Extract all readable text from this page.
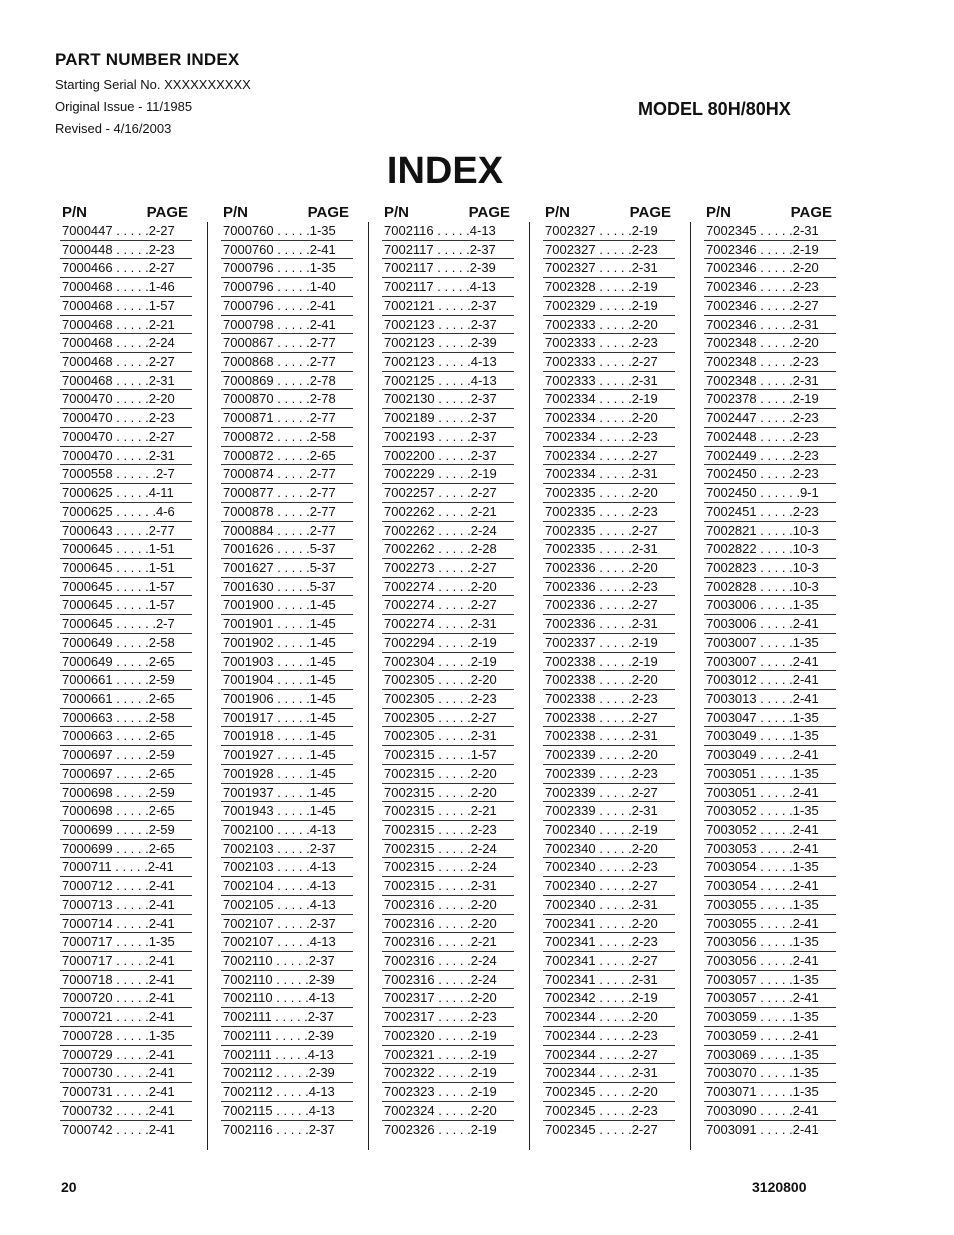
PART NUMBER INDEX
Starting Serial No. XXXXXXXXXX
Original Issue - 11/1985
Revised - 4/16/2003
MODEL 80H/80HX
INDEX
P/N	PAGE
7000447 . . . . .2-27
7000448 . . . . .2-23
7000466 . . . . .2-27
7000468 . . . . .1-46
7000468 . . . . .1-57
7000468 . . . . .2-21
7000468 . . . . .2-24
7000468 . . . . .2-27
7000468 . . . . .2-31
7000470 . . . . .2-20
7000470 . . . . .2-23
7000470 . . . . .2-27
7000470 . . . . .2-31
7000558 . . . . . .2-7
7000625 . . . . .4-11
7000625 . . . . . .4-6
7000643 . . . . .2-77
7000645 . . . . .1-51
7000645 . . . . .1-51
7000645 . . . . .1-57
7000645 . . . . .1-57
7000645 . . . . . .2-7
7000649 . . . . .2-58
7000649 . . . . .2-65
7000661 . . . . .2-59
7000661 . . . . .2-65
7000663 . . . . .2-58
7000663 . . . . .2-65
7000697 . . . . .2-59
7000697 . . . . .2-65
7000698 . . . . .2-59
7000698 . . . . .2-65
7000699 . . . . .2-59
7000699 . . . . .2-65
7000711 . . . . .2-41
7000712 . . . . .2-41
7000713 . . . . .2-41
7000714 . . . . .2-41
7000717 . . . . .1-35
7000717 . . . . .2-41
7000718 . . . . .2-41
7000720 . . . . .2-41
7000721 . . . . .2-41
7000728 . . . . .1-35
7000729 . . . . .2-41
7000730 . . . . .2-41
7000731 . . . . .2-41
7000732 . . . . .2-41
7000742 . . . . .2-41
P/N	PAGE
7000760 . . . . .1-35
7000760 . . . . .2-41
7000796 . . . . .1-35
7000796 . . . . .1-40
7000796 . . . . .2-41
7000798 . . . . .2-41
7000867 . . . . .2-77
7000868 . . . . .2-77
7000869 . . . . .2-78
7000870 . . . . .2-78
7000871 . . . . .2-77
7000872 . . . . .2-58
7000872 . . . . .2-65
7000874 . . . . .2-77
7000877 . . . . .2-77
7000878 . . . . .2-77
7000884 . . . . .2-77
7001626 . . . . .5-37
7001627 . . . . .5-37
7001630 . . . . .5-37
7001900 . . . . .1-45
7001901 . . . . .1-45
7001902 . . . . .1-45
7001903 . . . . .1-45
7001904 . . . . .1-45
7001906 . . . . .1-45
7001917 . . . . .1-45
7001918 . . . . .1-45
7001927 . . . . .1-45
7001928 . . . . .1-45
7001937 . . . . .1-45
7001943 . . . . .1-45
7002100 . . . . .4-13
7002103 . . . . .2-37
7002103 . . . . .4-13
7002104 . . . . .4-13
7002105 . . . . .4-13
7002107 . . . . .2-37
7002107 . . . . .4-13
7002110 . . . . .2-37
7002110 . . . . .2-39
7002110 . . . . .4-13
7002111 . . . . .2-37
7002111 . . . . .2-39
7002111 . . . . .4-13
7002112 . . . . .2-39
7002112 . . . . .4-13
7002115 . . . . .4-13
7002116 . . . . .2-37
P/N	PAGE
7002116 . . . . .4-13
7002117 . . . . .2-37
7002117 . . . . .2-39
7002117 . . . . .4-13
7002121 . . . . .2-37
7002123 . . . . .2-37
7002123 . . . . .2-39
7002123 . . . . .4-13
7002125 . . . . .4-13
7002130 . . . . .2-37
7002189 . . . . .2-37
7002193 . . . . .2-37
7002200 . . . . .2-37
7002229 . . . . .2-19
7002257 . . . . .2-27
7002262 . . . . .2-21
7002262 . . . . .2-24
7002262 . . . . .2-28
7002273 . . . . .2-27
7002274 . . . . .2-20
7002274 . . . . .2-27
7002274 . . . . .2-31
7002294 . . . . .2-19
7002304 . . . . .2-19
7002305 . . . . .2-20
7002305 . . . . .2-23
7002305 . . . . .2-27
7002305 . . . . .2-31
7002315 . . . . .1-57
7002315 . . . . .2-20
7002315 . . . . .2-20
7002315 . . . . .2-21
7002315 . . . . .2-23
7002315 . . . . .2-24
7002315 . . . . .2-24
7002315 . . . . .2-31
7002316 . . . . .2-20
7002316 . . . . .2-20
7002316 . . . . .2-21
7002316 . . . . .2-24
7002316 . . . . .2-24
7002317 . . . . .2-20
7002317 . . . . .2-23
7002320 . . . . .2-19
7002321 . . . . .2-19
7002322 . . . . .2-19
7002323 . . . . .2-19
7002324 . . . . .2-20
7002326 . . . . .2-19
P/N	PAGE
7002327 . . . . .2-19
7002327 . . . . .2-23
7002327 . . . . .2-31
7002328 . . . . .2-19
7002329 . . . . .2-19
7002333 . . . . .2-20
7002333 . . . . .2-23
7002333 . . . . .2-27
7002333 . . . . .2-31
7002334 . . . . .2-19
7002334 . . . . .2-20
7002334 . . . . .2-23
7002334 . . . . .2-27
7002334 . . . . .2-31
7002335 . . . . .2-20
7002335 . . . . .2-23
7002335 . . . . .2-27
7002335 . . . . .2-31
7002336 . . . . .2-20
7002336 . . . . .2-23
7002336 . . . . .2-27
7002336 . . . . .2-31
7002337 . . . . .2-19
7002338 . . . . .2-19
7002338 . . . . .2-20
7002338 . . . . .2-23
7002338 . . . . .2-27
7002338 . . . . .2-31
7002339 . . . . .2-20
7002339 . . . . .2-23
7002339 . . . . .2-27
7002339 . . . . .2-31
7002340 . . . . .2-19
7002340 . . . . .2-20
7002340 . . . . .2-23
7002340 . . . . .2-27
7002340 . . . . .2-31
7002341 . . . . .2-20
7002341 . . . . .2-23
7002341 . . . . .2-27
7002341 . . . . .2-31
7002342 . . . . .2-19
7002344 . . . . .2-20
7002344 . . . . .2-23
7002344 . . . . .2-27
7002344 . . . . .2-31
7002345 . . . . .2-20
7002345 . . . . .2-23
7002345 . . . . .2-27
P/N	PAGE
7002345 . . . . .2-31
7002346 . . . . .2-19
7002346 . . . . .2-20
7002346 . . . . .2-23
7002346 . . . . .2-27
7002346 . . . . .2-31
7002348 . . . . .2-20
7002348 . . . . .2-23
7002348 . . . . .2-31
7002378 . . . . .2-19
7002447 . . . . .2-23
7002448 . . . . .2-23
7002449 . . . . .2-23
7002450 . . . . .2-23
7002450 . . . . . .9-1
7002451 . . . . .2-23
7002821 . . . . .10-3
7002822 . . . . .10-3
7002823 . . . . .10-3
7002828 . . . . .10-3
7003006 . . . . .1-35
7003006 . . . . .2-41
7003007 . . . . .1-35
7003007 . . . . .2-41
7003012 . . . . .2-41
7003013 . . . . .2-41
7003047 . . . . .1-35
7003049 . . . . .1-35
7003049 . . . . .2-41
7003051 . . . . .1-35
7003051 . . . . .2-41
7003052 . . . . .1-35
7003052 . . . . .2-41
7003053 . . . . .2-41
7003054 . . . . .1-35
7003054 . . . . .2-41
7003055 . . . . .1-35
7003055 . . . . .2-41
7003056 . . . . .1-35
7003056 . . . . .2-41
7003057 . . . . .1-35
7003057 . . . . .2-41
7003059 . . . . .1-35
7003059 . . . . .2-41
7003069 . . . . .1-35
7003070 . . . . .1-35
7003071 . . . . .1-35
7003090 . . . . .2-41
7003091 . . . . .2-41
20	3120800
